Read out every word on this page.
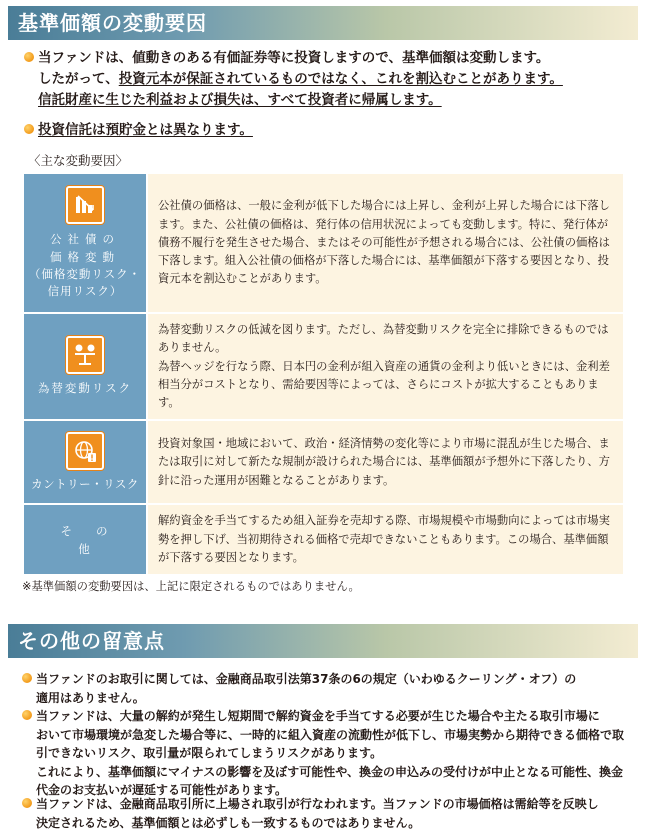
基準価額の変動要因
当ファンドは、値動きのある有価証券等に投資しますので、基準価額は変動します。

したがって、投資元本が保証されているものではなく、これを割込むことがあります。
信託財産に生じた利益および損失は、すべて投資者に帰属します。
投資信託は預貯金とは異なります。
〈主な変動要因〉
公社債の
価格変動
（価格変動リスク・
信用リスク）	公社債の価格は、一般に金利が低下した場合には上昇し、金利が上昇した場合には下落します。また、公社債の価格は、発行体の信用状況によっても変動します。特に、発行体が債務不履行を発生させた場合、またはその可能性が予想される場合には、公社債の価格は下落します。組入公社債の価格が下落した場合には、基準価額が下落する要因となり、投資元本を割込むことがあります。

為替変動リスク	為替変動リスクの低減を図ります。ただし、為替変動リスクを完全に排除できるものではありません。
為替ヘッジを行なう際、日本円の金利が組入資産の通貨の金利より低いときには、金利差相当分がコストとなり、需給要因等によっては、さらにコストが拡大することもあります。

カントリー・リスク	投資対象国・地域において、政治・経済情勢の変化等により市場に混乱が生じた場合、または取引に対して新たな規制が設けられた場合には、基準価額が予想外に下落したり、方針に沿った運用が困難となることがあります。

その他	解約資金を手当てするため組入証券を売却する際、市場規模や市場動向によっては市場実勢を押し下げ、当初期待される価格で売却できないこともあります。この場合、基準価額が下落する要因となります。
※基準価額の変動要因は、上記に限定されるものではありません。
その他の留意点
当ファンドのお取引に関しては、金融商品取引法第37条の6の規定（いわゆるクーリング・オフ）の

適用はありません。
当ファンドは、大量の解約が発生し短期間で解約資金を手当てする必要が生じた場合や主たる取引市場に

おいて市場環境が急変した場合等に、一時的に組入資産の流動性が低下し、市場実勢から期待できる価格で取引できないリスク、取引量が限られてしまうリスクがあります。
これにより、基準価額にマイナスの影響を及ぼす可能性や、換金の申込みの受付けが中止となる可能性、換金代金のお支払いが遅延する可能性があります。
当ファンドは、金融商品取引所に上場され取引が行なわれます。当ファンドの市場価格は需給等を反映し

決定されるため、基準価額とは必ずしも一致するものではありません。
